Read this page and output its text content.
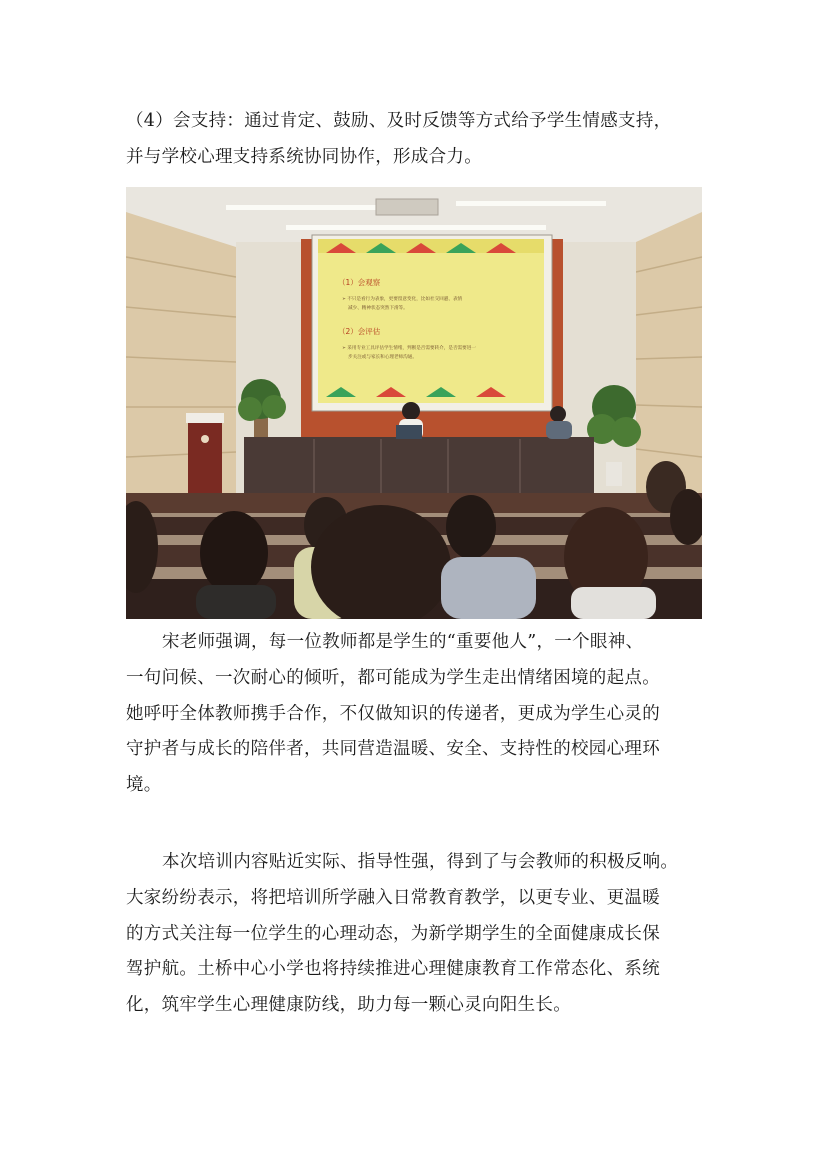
（4）会支持：通过肯定、鼓励、及时反馈等方式给予学生情感支持，
并与学校心理支持系统协同协作，形成合力。

（1）会观察
➢ 不只是看行为表象，更要留意变化，比如社交回避、表情
减少、精神状态突然下滑等。
（2）会评估
➢ 采用专业工具评估学生情绪，判断是否需要转介，是否需要进一
步关注或与家长和心理老师沟通。

宋老师强调，每一位教师都是学生的“重要他人”，一个眼神、
一句问候、一次耐心的倾听，都可能成为学生走出情绪困境的起点。
她呼吁全体教师携手合作，不仅做知识的传递者，更成为学生心灵的
守护者与成长的陪伴者，共同营造温暖、安全、支持性的校园心理环
境。

本次培训内容贴近实际、指导性强，得到了与会教师的积极反响。
大家纷纷表示，将把培训所学融入日常教育教学，以更专业、更温暖
的方式关注每一位学生的心理动态，为新学期学生的全面健康成长保
驾护航。土桥中心小学也将持续推进心理健康教育工作常态化、系统
化，筑牢学生心理健康防线，助力每一颗心灵向阳生长。
